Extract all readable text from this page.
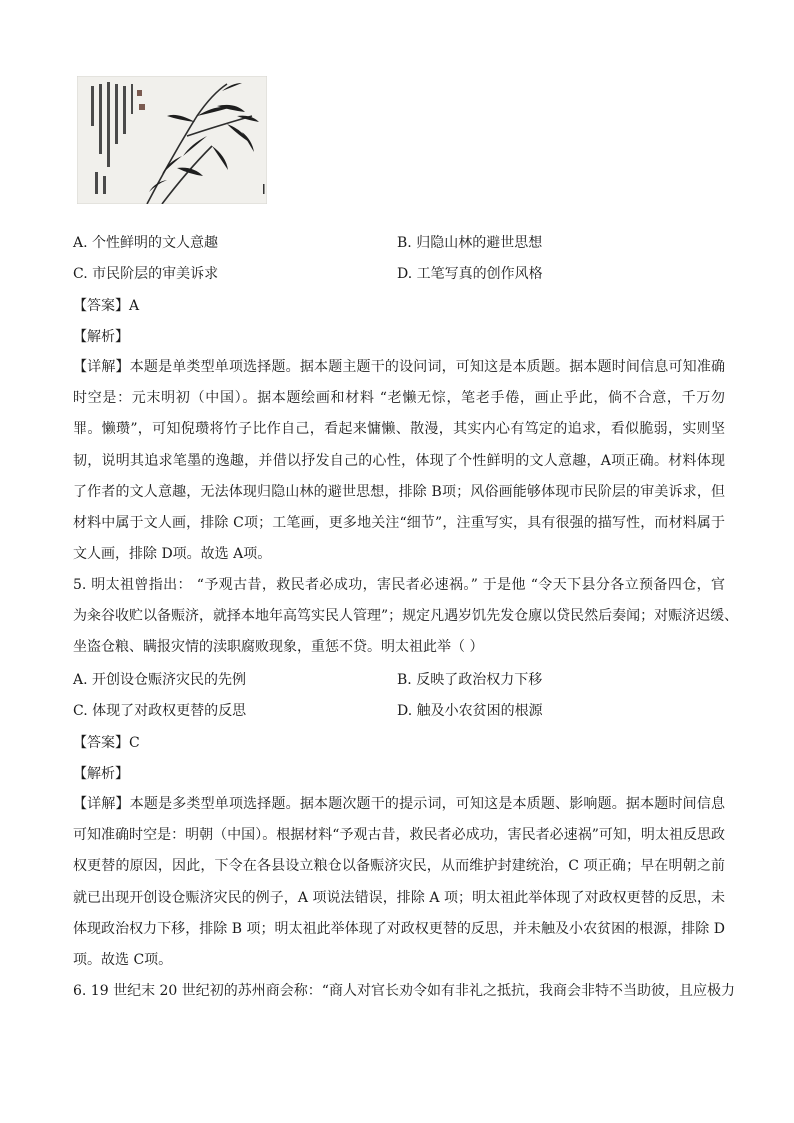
A. 个性鲜明的文人意趣	B. 归隐山林的避世思想
C. 市民阶层的审美诉求	D. 工笔写真的创作风格
【答案】A
【解析】
【详解】本题是单类型单项选择题。据本题主题干的设问词，可知这是本质题。据本题时间信息可知准确
时空是：元末明初（中国）。据本题绘画和材料 “老懒无悰，笔老手倦，画止乎此，倘不合意，千万勿
罪。懒瓒”，可知倪瓒将竹子比作自己，看起来慵懒、散漫，其实内心有笃定的追求，看似脆弱，实则坚
韧，说明其追求笔墨的逸趣，并借以抒发自己的心性，体现了个性鲜明的文人意趣，A项正确。材料体现
了作者的文人意趣，无法体现归隐山林的避世思想，排除 B项；风俗画能够体现市民阶层的审美诉求，但
材料中属于文人画，排除 C项；工笔画，更多地关注“细节”，注重写实，具有很强的描写性，而材料属于
文人画，排除 D项。故选 A项。
5. 明太祖曾指出： “予观古昔，救民者必成功，害民者必速祸。” 于是他 “令天下县分各立预备四仓，官
为籴谷收贮以备赈济，就择本地年高笃实民人管理”；规定凡遇岁饥先发仓廪以贷民然后奏闻；对赈济迟缓、
坐盗仓粮、瞒报灾情的渎职腐败现象，重惩不贷。明太祖此举（ ）
A. 开创设仓赈济灾民的先例	B. 反映了政治权力下移
C. 体现了对政权更替的反思	D. 触及小农贫困的根源
【答案】C
【解析】
【详解】本题是多类型单项选择题。据本题次题干的提示词，可知这是本质题、影响题。据本题时间信息
可知准确时空是：明朝（中国）。根据材料“予观古昔，救民者必成功，害民者必速祸”可知，明太祖反思政
权更替的原因，因此，下令在各县设立粮仓以备赈济灾民，从而维护封建统治，C 项正确；早在明朝之前
就已出现开创设仓赈济灾民的例子，A 项说法错误，排除 A 项；明太祖此举体现了对政权更替的反思，未
体现政治权力下移，排除 B 项；明太祖此举体现了对政权更替的反思，并未触及小农贫困的根源，排除 D
项。故选 C项。
6. 19 世纪末 20 世纪初的苏州商会称：“商人对官长劝令如有非礼之抵抗，我商会非特不当助彼，且应极力
